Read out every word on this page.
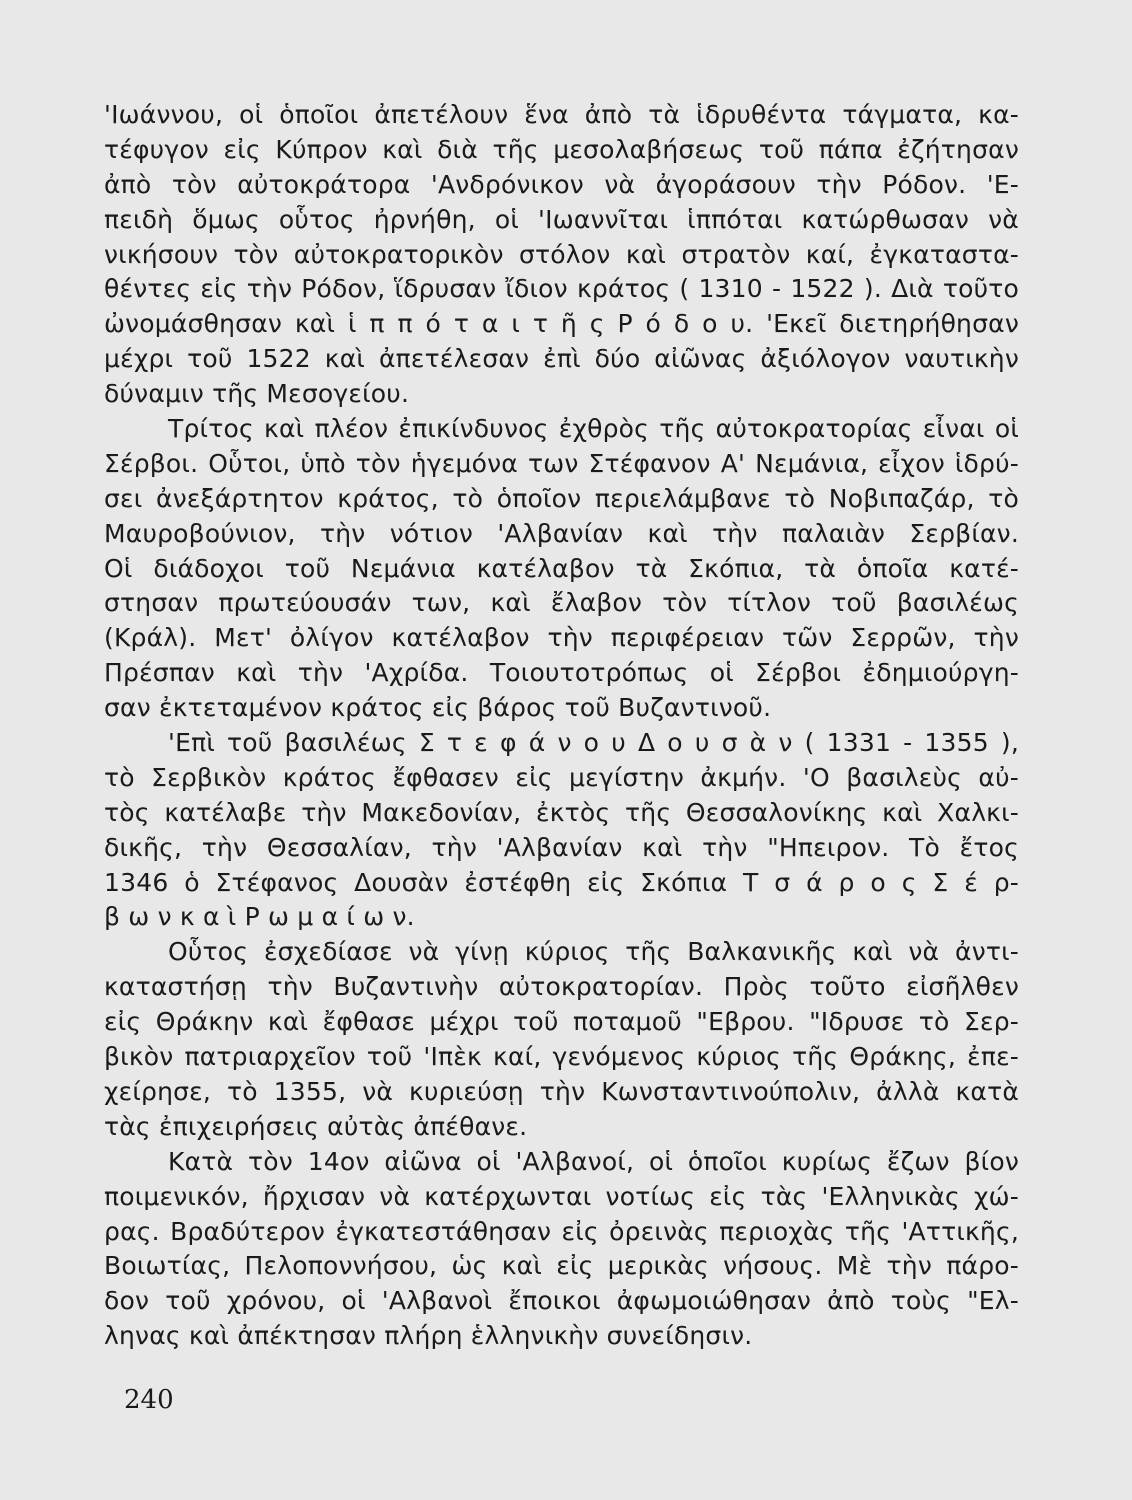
'Ιωάννου, οἱ ὁποῖοι ἀπετέλουν ἕνα ἀπὸ τὰ ἱδρυθέντα τάγματα, κα-
τέφυγον εἰς Κύπρον καὶ διὰ τῆς μεσολαβήσεως τοῦ πάπα ἐζήτησαν
ἀπὸ τὸν αὐτοκράτορα 'Ανδρόνικον νὰ ἀγοράσουν τὴν Ρόδον. 'Ε-
πειδὴ ὅμως οὗτος ἠρνήθη, οἱ 'Ιωαννῖται ἱππόται κατώρθωσαν νὰ
νικήσουν τὸν αὐτοκρατορικὸν στόλον καὶ στρατὸν καί, ἐγκαταστα-
θέντες εἰς τὴν Ρόδον, ἵδρυσαν ἴδιον κράτος ( 1310 - 1522 ). Διὰ τοῦτο
ὠνομάσθησαν καὶ ἱ π π ό τ α ι τ ῆ ς Ρ ό δ ο υ. 'Εκεῖ διετηρήθησαν
μέχρι τοῦ 1522 καὶ ἀπετέλεσαν ἐπὶ δύο αἰῶνας ἀξιόλογον ναυτικὴν
δύναμιν τῆς Μεσογείου.
Τρίτος καὶ πλέον ἐπικίνδυνος ἐχθρὸς τῆς αὐτοκρατορίας εἶναι οἱ
Σέρβοι. Οὗτοι, ὑπὸ τὸν ἡγεμόνα των Στέφανον Α' Νεμάνια, εἶχον ἱδρύ-
σει ἀνεξάρτητον κράτος, τὸ ὁποῖον περιελάμβανε τὸ Νοβιπαζάρ, τὸ
Μαυροβούνιον, τὴν νότιον 'Αλβανίαν καὶ τὴν παλαιὰν Σερβίαν.
Οἱ διάδοχοι τοῦ Νεμάνια κατέλαβον τὰ Σκόπια, τὰ ὁποῖα κατέ-
στησαν πρωτεύουσάν των, καὶ ἔλαβον τὸν τίτλον τοῦ βασιλέως
(Κράλ). Μετ' ὀλίγον κατέλαβον τὴν περιφέρειαν τῶν Σερρῶν, τὴν
Πρέσπαν καὶ τὴν 'Αχρίδα. Τοιουτοτρόπως οἱ Σέρβοι ἐδημιούργη-
σαν ἐκτεταμένον κράτος εἰς βάρος τοῦ Βυζαντινοῦ.
'Επὶ τοῦ βασιλέως Σ τ ε φ ά ν ο υ Δ ο υ σ ὰ ν ( 1331 - 1355 ),
τὸ Σερβικὸν κράτος ἔφθασεν εἰς μεγίστην ἀκμήν. 'Ο βασιλεὺς αὐ-
τὸς κατέλαβε τὴν Μακεδονίαν, ἐκτὸς τῆς Θεσσαλονίκης καὶ Χαλκι-
δικῆς, τὴν Θεσσαλίαν, τὴν 'Αλβανίαν καὶ τὴν "Ηπειρον. Τὸ ἔτος
1346 ὁ Στέφανος Δουσὰν ἐστέφθη εἰς Σκόπια Τ σ ά ρ ο ς Σ έ ρ-
β ω ν κ α ὶ Ρ ω μ α ί ω ν.
Οὗτος ἐσχεδίασε νὰ γίνῃ κύριος τῆς Βαλκανικῆς καὶ νὰ ἀντι-
καταστήσῃ τὴν Βυζαντινὴν αὐτοκρατορίαν. Πρὸς τοῦτο εἰσῆλθεν
εἰς Θράκην καὶ ἔφθασε μέχρι τοῦ ποταμοῦ "Εβρου. "Ιδρυσε τὸ Σερ-
βικὸν πατριαρχεῖον τοῦ 'Ιπὲκ καί, γενόμενος κύριος τῆς Θράκης, ἐπε-
χείρησε, τὸ 1355, νὰ κυριεύσῃ τὴν Κωνσταντινούπολιν, ἀλλὰ κατὰ
τὰς ἐπιχειρήσεις αὐτὰς ἀπέθανε.
Κατὰ τὸν 14ον αἰῶνα οἱ 'Αλβανοί, οἱ ὁποῖοι κυρίως ἔζων βίον
ποιμενικόν, ἤρχισαν νὰ κατέρχωνται νοτίως εἰς τὰς 'Ελληνικὰς χώ-
ρας. Βραδύτερον ἐγκατεστάθησαν εἰς ὀρεινὰς περιοχὰς τῆς 'Αττικῆς,
Βοιωτίας, Πελοποννήσου, ὡς καὶ εἰς μερικὰς νήσους. Μὲ τὴν πάρο-
δον τοῦ χρόνου, οἱ 'Αλβανοὶ ἔποικοι ἀφωμοιώθησαν ἀπὸ τοὺς "Ελ-
ληνας καὶ ἀπέκτησαν πλήρη ἑλληνικὴν συνείδησιν.
240
